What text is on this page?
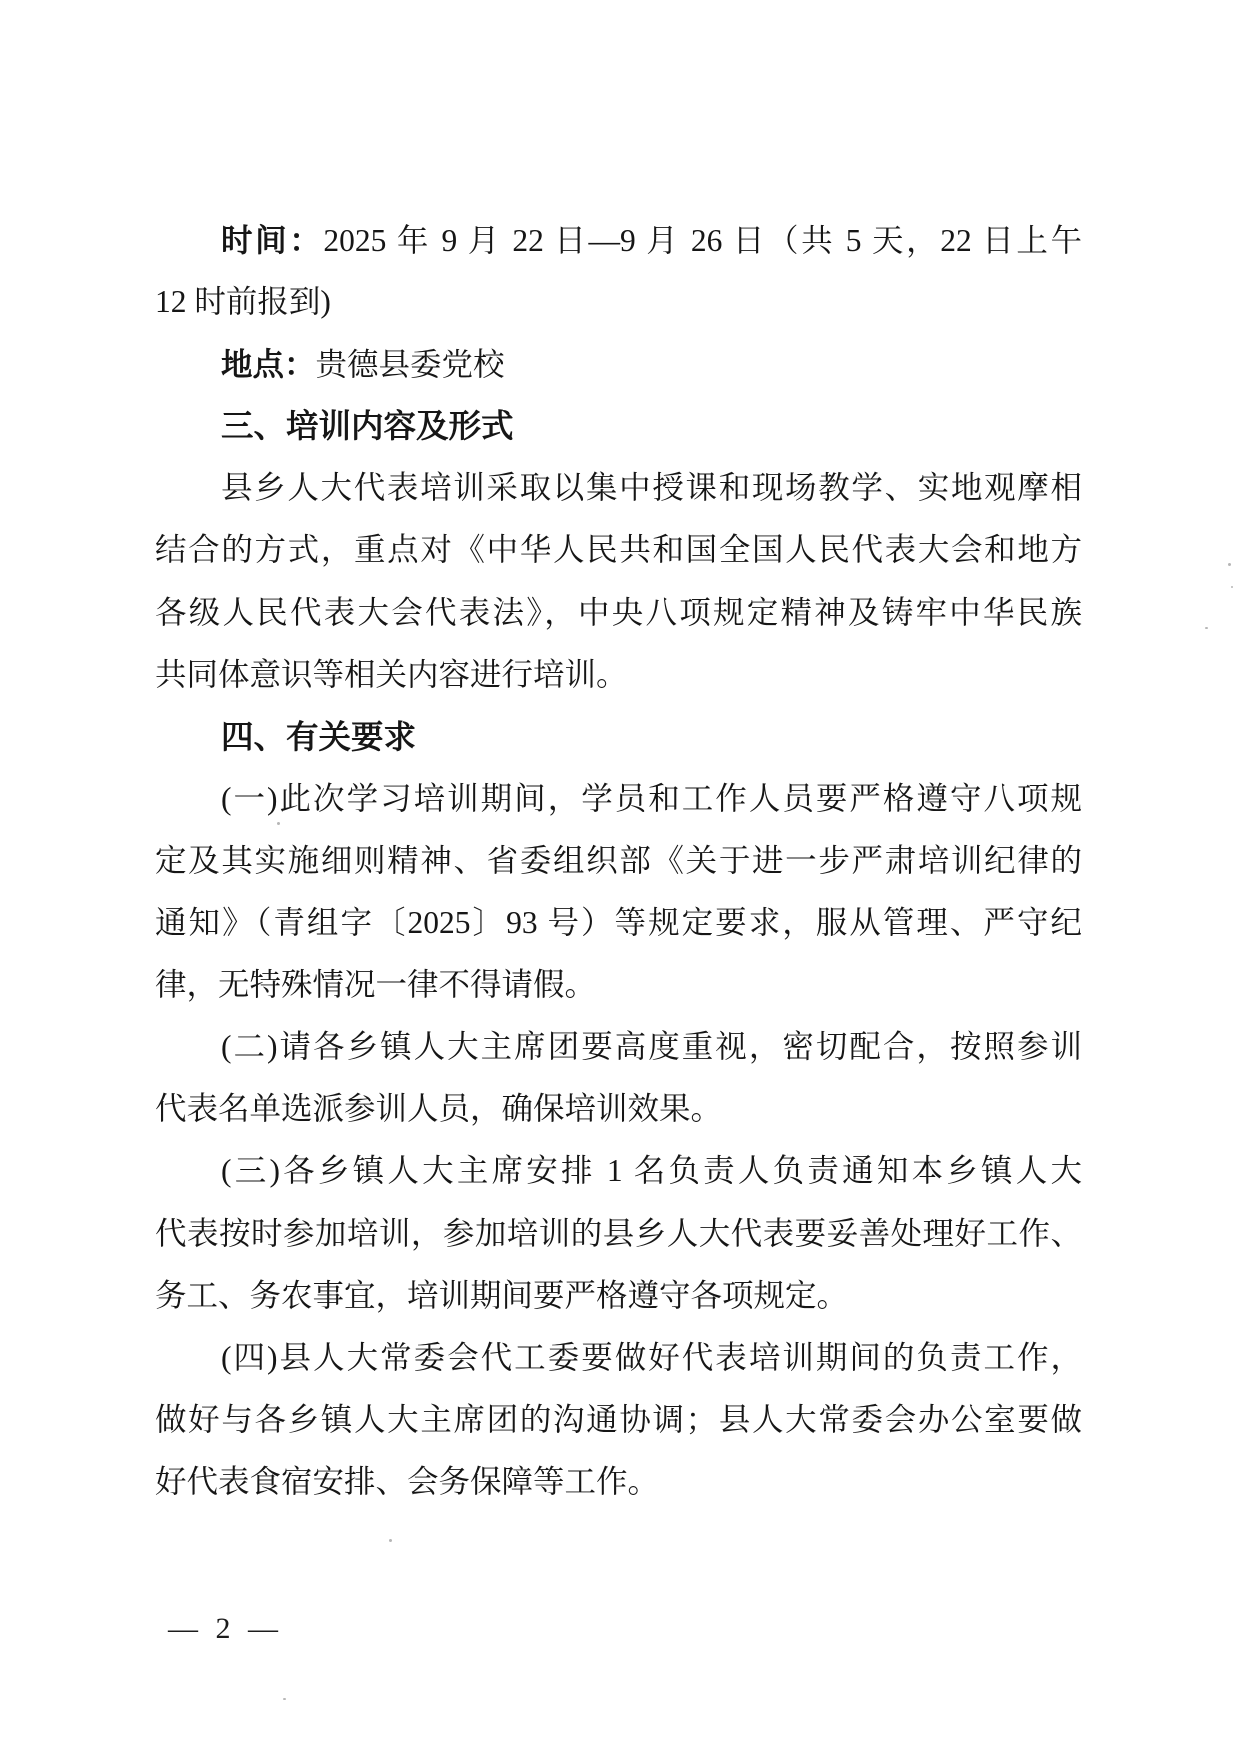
时间：2025 年 9 月 22 日—9 月 26 日（共 5 天，22 日上午

12 时前报到)

地点：贵德县委党校

三、培训内容及形式

县乡人大代表培训采取以集中授课和现场教学、实地观摩相

结合的方式，重点对《中华人民共和国全国人民代表大会和地方

各级人民代表大会代表法》，中央八项规定精神及铸牢中华民族

共同体意识等相关内容进行培训。

四、有关要求

(一)此次学习培训期间，学员和工作人员要严格遵守八项规

定及其实施细则精神、省委组织部《关于进一步严肃培训纪律的

通知》（青组字〔2025〕93 号）等规定要求，服从管理、严守纪

律，无特殊情况一律不得请假。

(二)请各乡镇人大主席团要高度重视，密切配合，按照参训

代表名单选派参训人员，确保培训效果。

(三)各乡镇人大主席安排 1 名负责人负责通知本乡镇人大

代表按时参加培训，参加培训的县乡人大代表要妥善处理好工作、

务工、务农事宜，培训期间要严格遵守各项规定。

(四)县人大常委会代工委要做好代表培训期间的负责工作，

做好与各乡镇人大主席团的沟通协调；县人大常委会办公室要做

好代表食宿安排、会务保障等工作。

— 2 —
